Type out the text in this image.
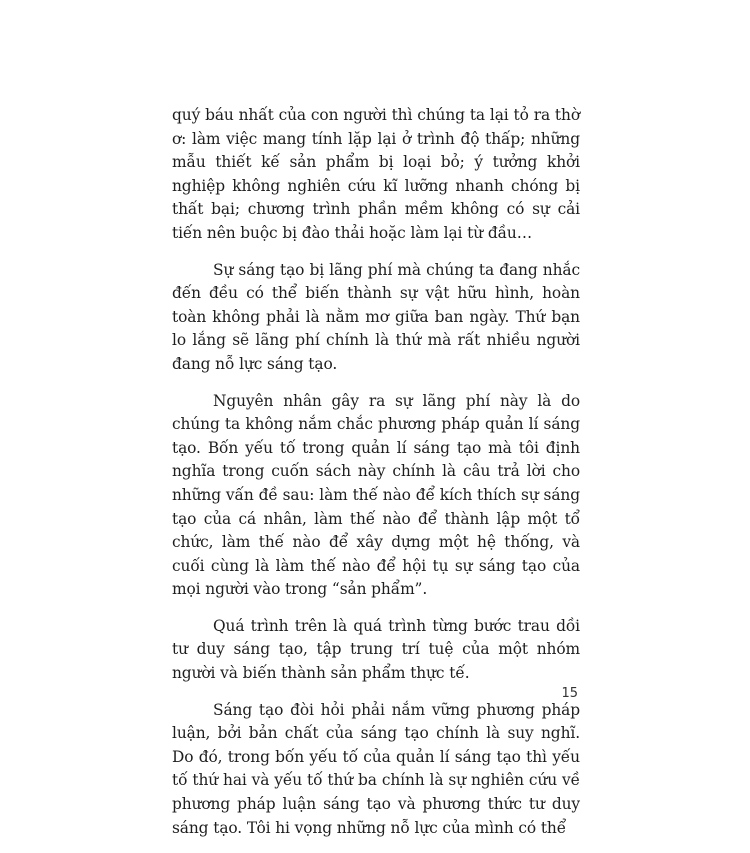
quý báu nhất của con người thì chúng ta lại tỏ ra thờ ơ: làm việc mang tính lặp lại ở trình độ thấp; những mẫu thiết kế sản phẩm bị loại bỏ; ý tưởng khởi nghiệp không nghiên cứu kĩ lưỡng nhanh chóng bị thất bại; chương trình phần mềm không có sự cải tiến nên buộc bị đào thải hoặc làm lại từ đầu…

Sự sáng tạo bị lãng phí mà chúng ta đang nhắc đến đều có thể biến thành sự vật hữu hình, hoàn toàn không phải là nằm mơ giữa ban ngày. Thứ bạn lo lắng sẽ lãng phí chính là thứ mà rất nhiều người đang nỗ lực sáng tạo.

Nguyên nhân gây ra sự lãng phí này là do chúng ta không nắm chắc phương pháp quản lí sáng tạo. Bốn yếu tố trong quản lí sáng tạo mà tôi định nghĩa trong cuốn sách này chính là câu trả lời cho những vấn đề sau: làm thế nào để kích thích sự sáng tạo của cá nhân, làm thế nào để thành lập một tổ chức, làm thế nào để xây dựng một hệ thống, và cuối cùng là làm thế nào để hội tụ sự sáng tạo của mọi người vào trong “sản phẩm”.

Quá trình trên là quá trình từng bước trau dồi tư duy sáng tạo, tập trung trí tuệ của một nhóm người và biến thành sản phẩm thực tế.

Sáng tạo đòi hỏi phải nắm vững phương pháp luận, bởi bản chất của sáng tạo chính là suy nghĩ. Do đó, trong bốn yếu tố của quản lí sáng tạo thì yếu tố thứ hai và yếu tố thứ ba chính là sự nghiên cứu về phương pháp luận sáng tạo và phương thức tư duy sáng tạo. Tôi hi vọng những nỗ lực của mình có thể

15
